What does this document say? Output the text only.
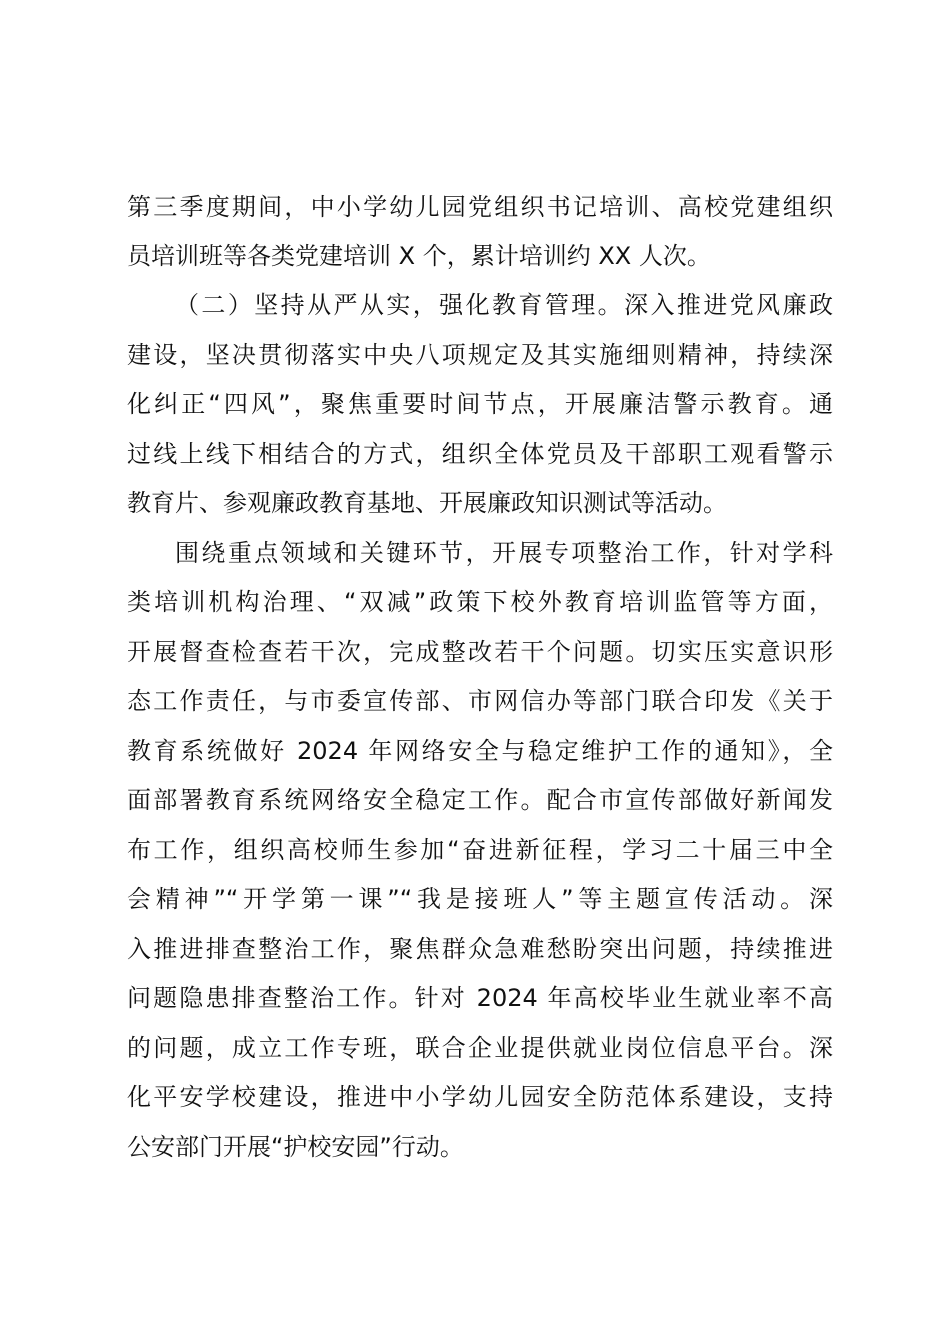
第三季度期间，中小学幼儿园党组织书记培训、高校党建组织
员培训班等各类党建培训 X 个，累计培训约 XX 人次。
（二）坚持从严从实，强化教育管理。深入推进党风廉政
建设，坚决贯彻落实中央八项规定及其实施细则精神，持续深
化纠正“四风”，聚焦重要时间节点，开展廉洁警示教育。通
过线上线下相结合的方式，组织全体党员及干部职工观看警示
教育片、参观廉政教育基地、开展廉政知识测试等活动。
围绕重点领域和关键环节，开展专项整治工作，针对学科
类培训机构治理、“双减”政策下校外教育培训监管等方面，
开展督查检查若干次，完成整改若干个问题。切实压实意识形
态工作责任，与市委宣传部、市网信办等部门联合印发《关于
教育系统做好 2024 年网络安全与稳定维护工作的通知》，全
面部署教育系统网络安全稳定工作。配合市宣传部做好新闻发
布工作，组织高校师生参加“奋进新征程，学习二十届三中全
会精神”“开学第一课”“我是接班人”等主题宣传活动。深
入推进排查整治工作，聚焦群众急难愁盼突出问题，持续推进
问题隐患排查整治工作。针对 2024 年高校毕业生就业率不高
的问题，成立工作专班，联合企业提供就业岗位信息平台。深
化平安学校建设，推进中小学幼儿园安全防范体系建设，支持
公安部门开展“护校安园”行动。
